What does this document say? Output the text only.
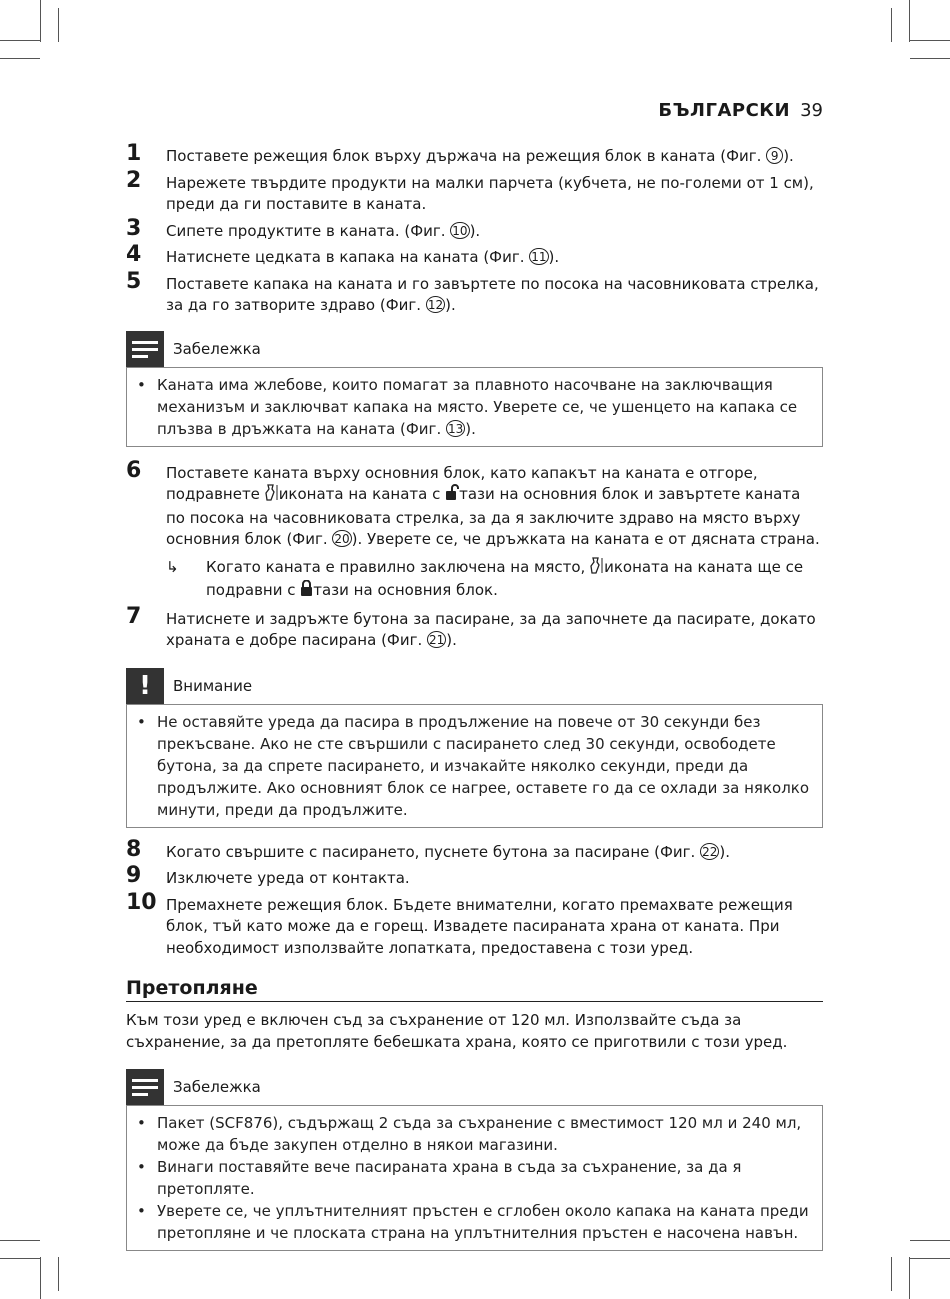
БЪЛГАРСКИ 39
1 Поставете режещия блок върху държача на режещия блок в каната (Фиг. 9 ).
2 Нарежете твърдите продукти на малки парчета (кубчета, не по-големи от 1 см), преди да ги поставите в каната.
3 Сипете продуктите в каната. (Фиг. 10 ).
4 Натиснете цедката в капака на каната (Фиг. 11 ).
5 Поставете капака на каната и го завъртете по посока на часовниковата стрелка, за да го затворите здраво (Фиг. 12 ).
Забележка
• Каната има жлебове, които помагат за плавното насочване на заключващия механизъм и заключват капака на място. Уверете се, че ушенцето на капака се плъзва в дръжката на каната (Фиг. 13 ).
6 Поставете каната върху основния блок, като капакът на каната е отгоре, подравнете иконата на каната с тази на основния блок и завъртете каната по посока на часовниковата стрелка, за да я заключите здраво на място върху основния блок (Фиг. 20 ). Уверете се, че дръжката на каната е от дясната страна.
↳ Когато каната е правилно заключена на място, иконата на каната ще се подравни с тази на основния блок.
7 Натиснете и задръжте бутона за пасиране, за да започнете да пасирате, докато храната е добре пасирана (Фиг. 21 ).
! Внимание
• Не оставяйте уреда да пасира в продължение на повече от 30 секунди без прекъсване. Ако не сте свършили с пасирането след 30 секунди, освободете бутона, за да спрете пасирането, и изчакайте няколко секунди, преди да продължите. Ако основният блок се нагрее, оставете го да се охлади за няколко минути, преди да продължите.
8 Когато свършите с пасирането, пуснете бутона за пасиране (Фиг. 22 ).
9 Изключете уреда от контакта.
10 Премахнете режещия блок. Бъдете внимателни, когато премахвате режещия блок, тъй като може да е горещ. Извадете пасираната храна от каната. При необходимост използвайте лопатката, предоставена с този уред.
Претопляне
Към този уред е включен съд за съхранение от 120 мл. Използвайте съда за съхранение, за да претопляте бебешката храна, която се приготвили с този уред.
Забележка
• Пакет (SCF876), съдържащ 2 съда за съхранение с вместимост 120 мл и 240 мл, може да бъде закупен отделно в някои магазини.
• Винаги поставяйте вече пасираната храна в съда за съхранение, за да я претопляте.
• Уверете се, че уплътнителният пръстен е сглобен около капака на каната преди претопляне и че плоската страна на уплътнителния пръстен е насочена навън.
